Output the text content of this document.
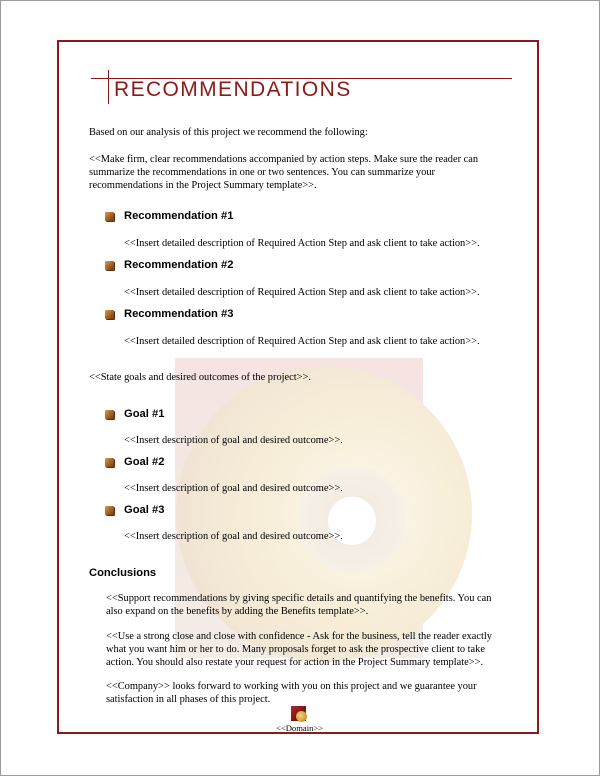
RECOMMENDATIONS
Based on our analysis of this project we recommend the following:
<<Make firm, clear recommendations accompanied by action steps. Make sure the reader can
summarize the recommendations in one or two sentences. You can summarize your
recommendations in the Project Summary template>>.
Recommendation #1
<<Insert detailed description of Required Action Step and ask client to take action>>.
Recommendation #2
<<Insert detailed description of Required Action Step and ask client to take action>>.
Recommendation #3
<<Insert detailed description of Required Action Step and ask client to take action>>.
<<State goals and desired outcomes of the project>>.
Goal #1
<<Insert description of goal and desired outcome>>.
Goal #2
<<Insert description of goal and desired outcome>>.
Goal #3
<<Insert description of goal and desired outcome>>.
Conclusions
<<Support recommendations by giving specific details and quantifying the benefits. You can
also expand on the benefits by adding the Benefits template>>.
<<Use a strong close and close with confidence - Ask for the business, tell the reader exactly
what you want him or her to do. Many proposals forget to ask the prospective client to take
action. You should also restate your request for action in the Project Summary template>>.
<<Company>> looks forward to working with you on this project and we guarantee your
satisfaction in all phases of this project.
<<Domain>>
